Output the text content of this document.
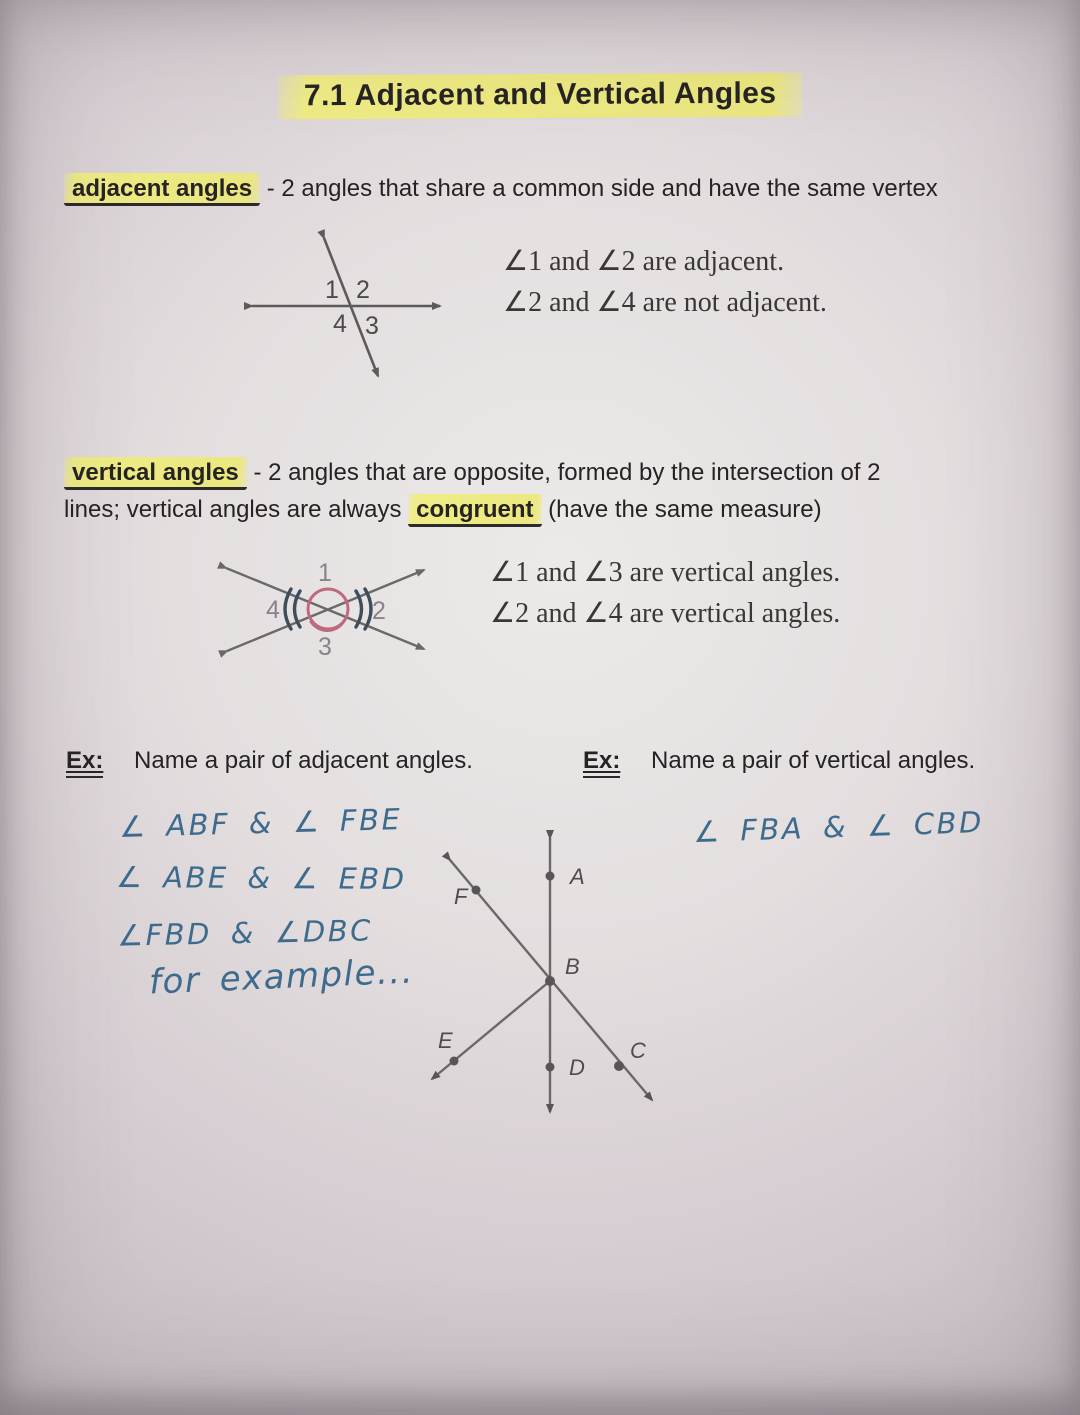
7.1 Adjacent and Vertical Angles

adjacent angles - 2 angles that share a common side and have the same vertex

1 2
3
4
∠1 and ∠2 are adjacent.
∠2 and ∠4 are not adjacent.

vertical angles - 2 angles that are opposite, formed by the intersection of 2
lines; vertical angles are always congruent (have the same measure)

1
2
3
4
∠1 and ∠3 are vertical angles.
∠2 and ∠4 are vertical angles.
Ex: Name a pair of adjacent angles.	Ex: Name a pair of vertical angles.
∠ ABF & ∠ FBE
∠ ABE & ∠ EBD
∠FBD & ∠DBC
for example...
∠ FBA & ∠ CBD
A
F
B
E
D
C
